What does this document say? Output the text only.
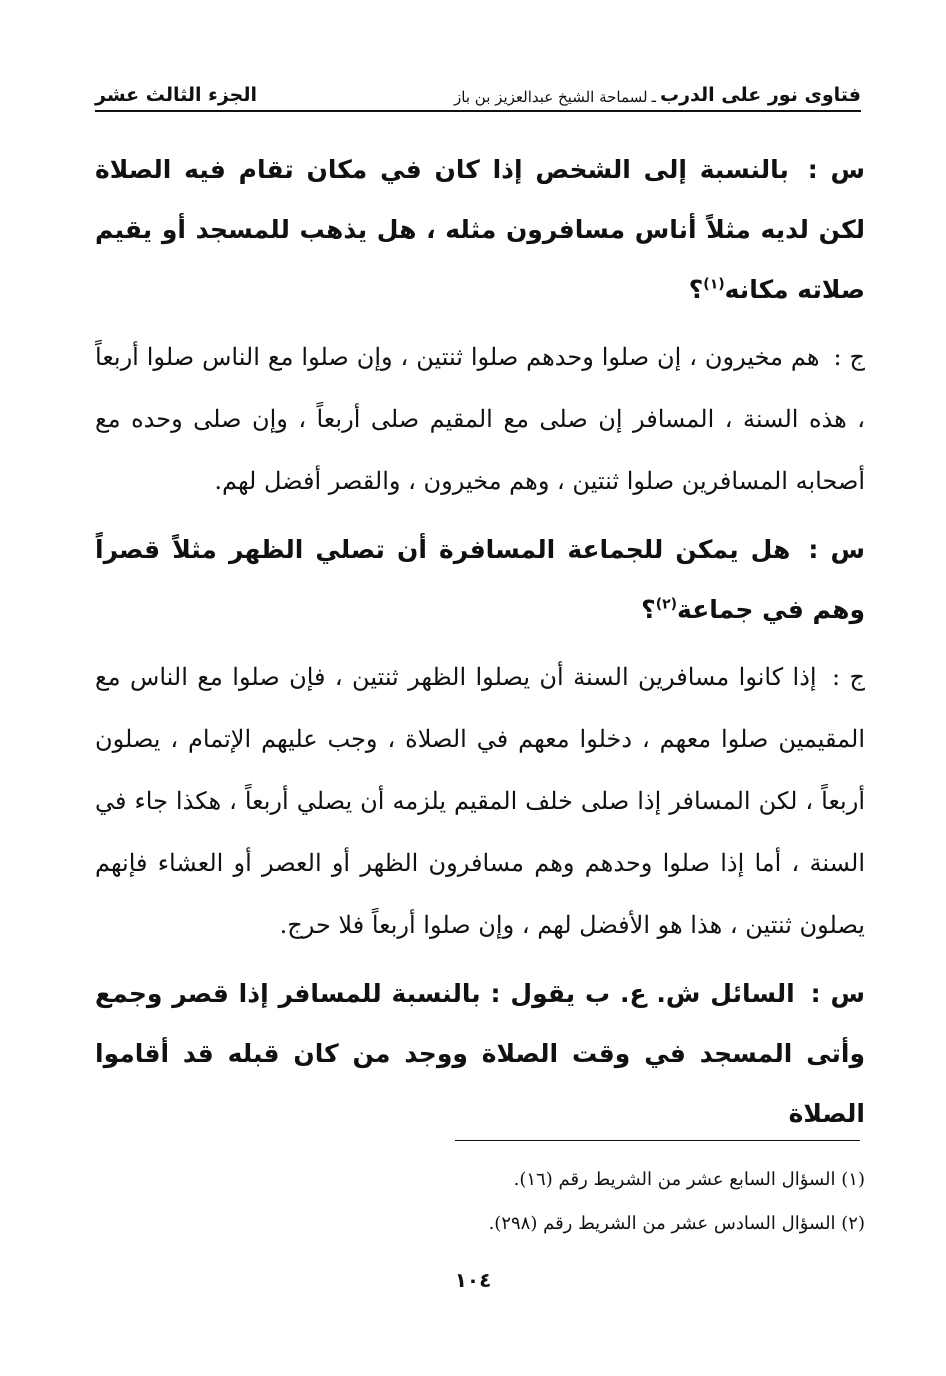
فتاوى نور على الدرب
ـ
لسماحة الشيخ عبدالعزيز بن باز
الجزء الثالث عشر

س : بالنسبة إلى الشخص إذا كان في مكان تقام فيه الصلاة لكن لديه مثلاً أناس مسافرون مثله ، هل يذهب للمسجد أو يقيم صلاته مكانه$^{(١)}$؟

ج : هم مخيرون ، إن صلوا وحدهم صلوا ثنتين ، وإن صلوا مع الناس صلوا أربعاً ، هذه السنة ، المسافر إن صلى مع المقيم صلى أربعاً ، وإن صلى وحده مع أصحابه المسافرين صلوا ثنتين ، وهم مخيرون ، والقصر أفضل لهم.

س : هل يمكن للجماعة المسافرة أن تصلي الظهر مثلاً قصراً وهم في جماعة$^{(٢)}$؟

ج : إذا كانوا مسافرين السنة أن يصلوا الظهر ثنتين ، فإن صلوا مع الناس مع المقيمين صلوا معهم ، دخلوا معهم في الصلاة ، وجب عليهم الإتمام ، يصلون أربعاً ، لكن المسافر إذا صلى خلف المقيم يلزمه أن يصلي أربعاً ، هكذا جاء في السنة ، أما إذا صلوا وحدهم وهم مسافرون الظهر أو العصر أو العشاء فإنهم يصلون ثنتين ، هذا هو الأفضل لهم ، وإن صلوا أربعاً فلا حرج.

س : السائل ش. ع. ب يقول : بالنسبة للمسافر إذا قصر وجمع وأتى المسجد في وقت الصلاة ووجد من كان قبله قد أقاموا الصلاة

(١) السؤال السابع عشر من الشريط رقم (١٦).
(٢) السؤال السادس عشر من الشريط رقم (٢٩٨).
١٠٤
